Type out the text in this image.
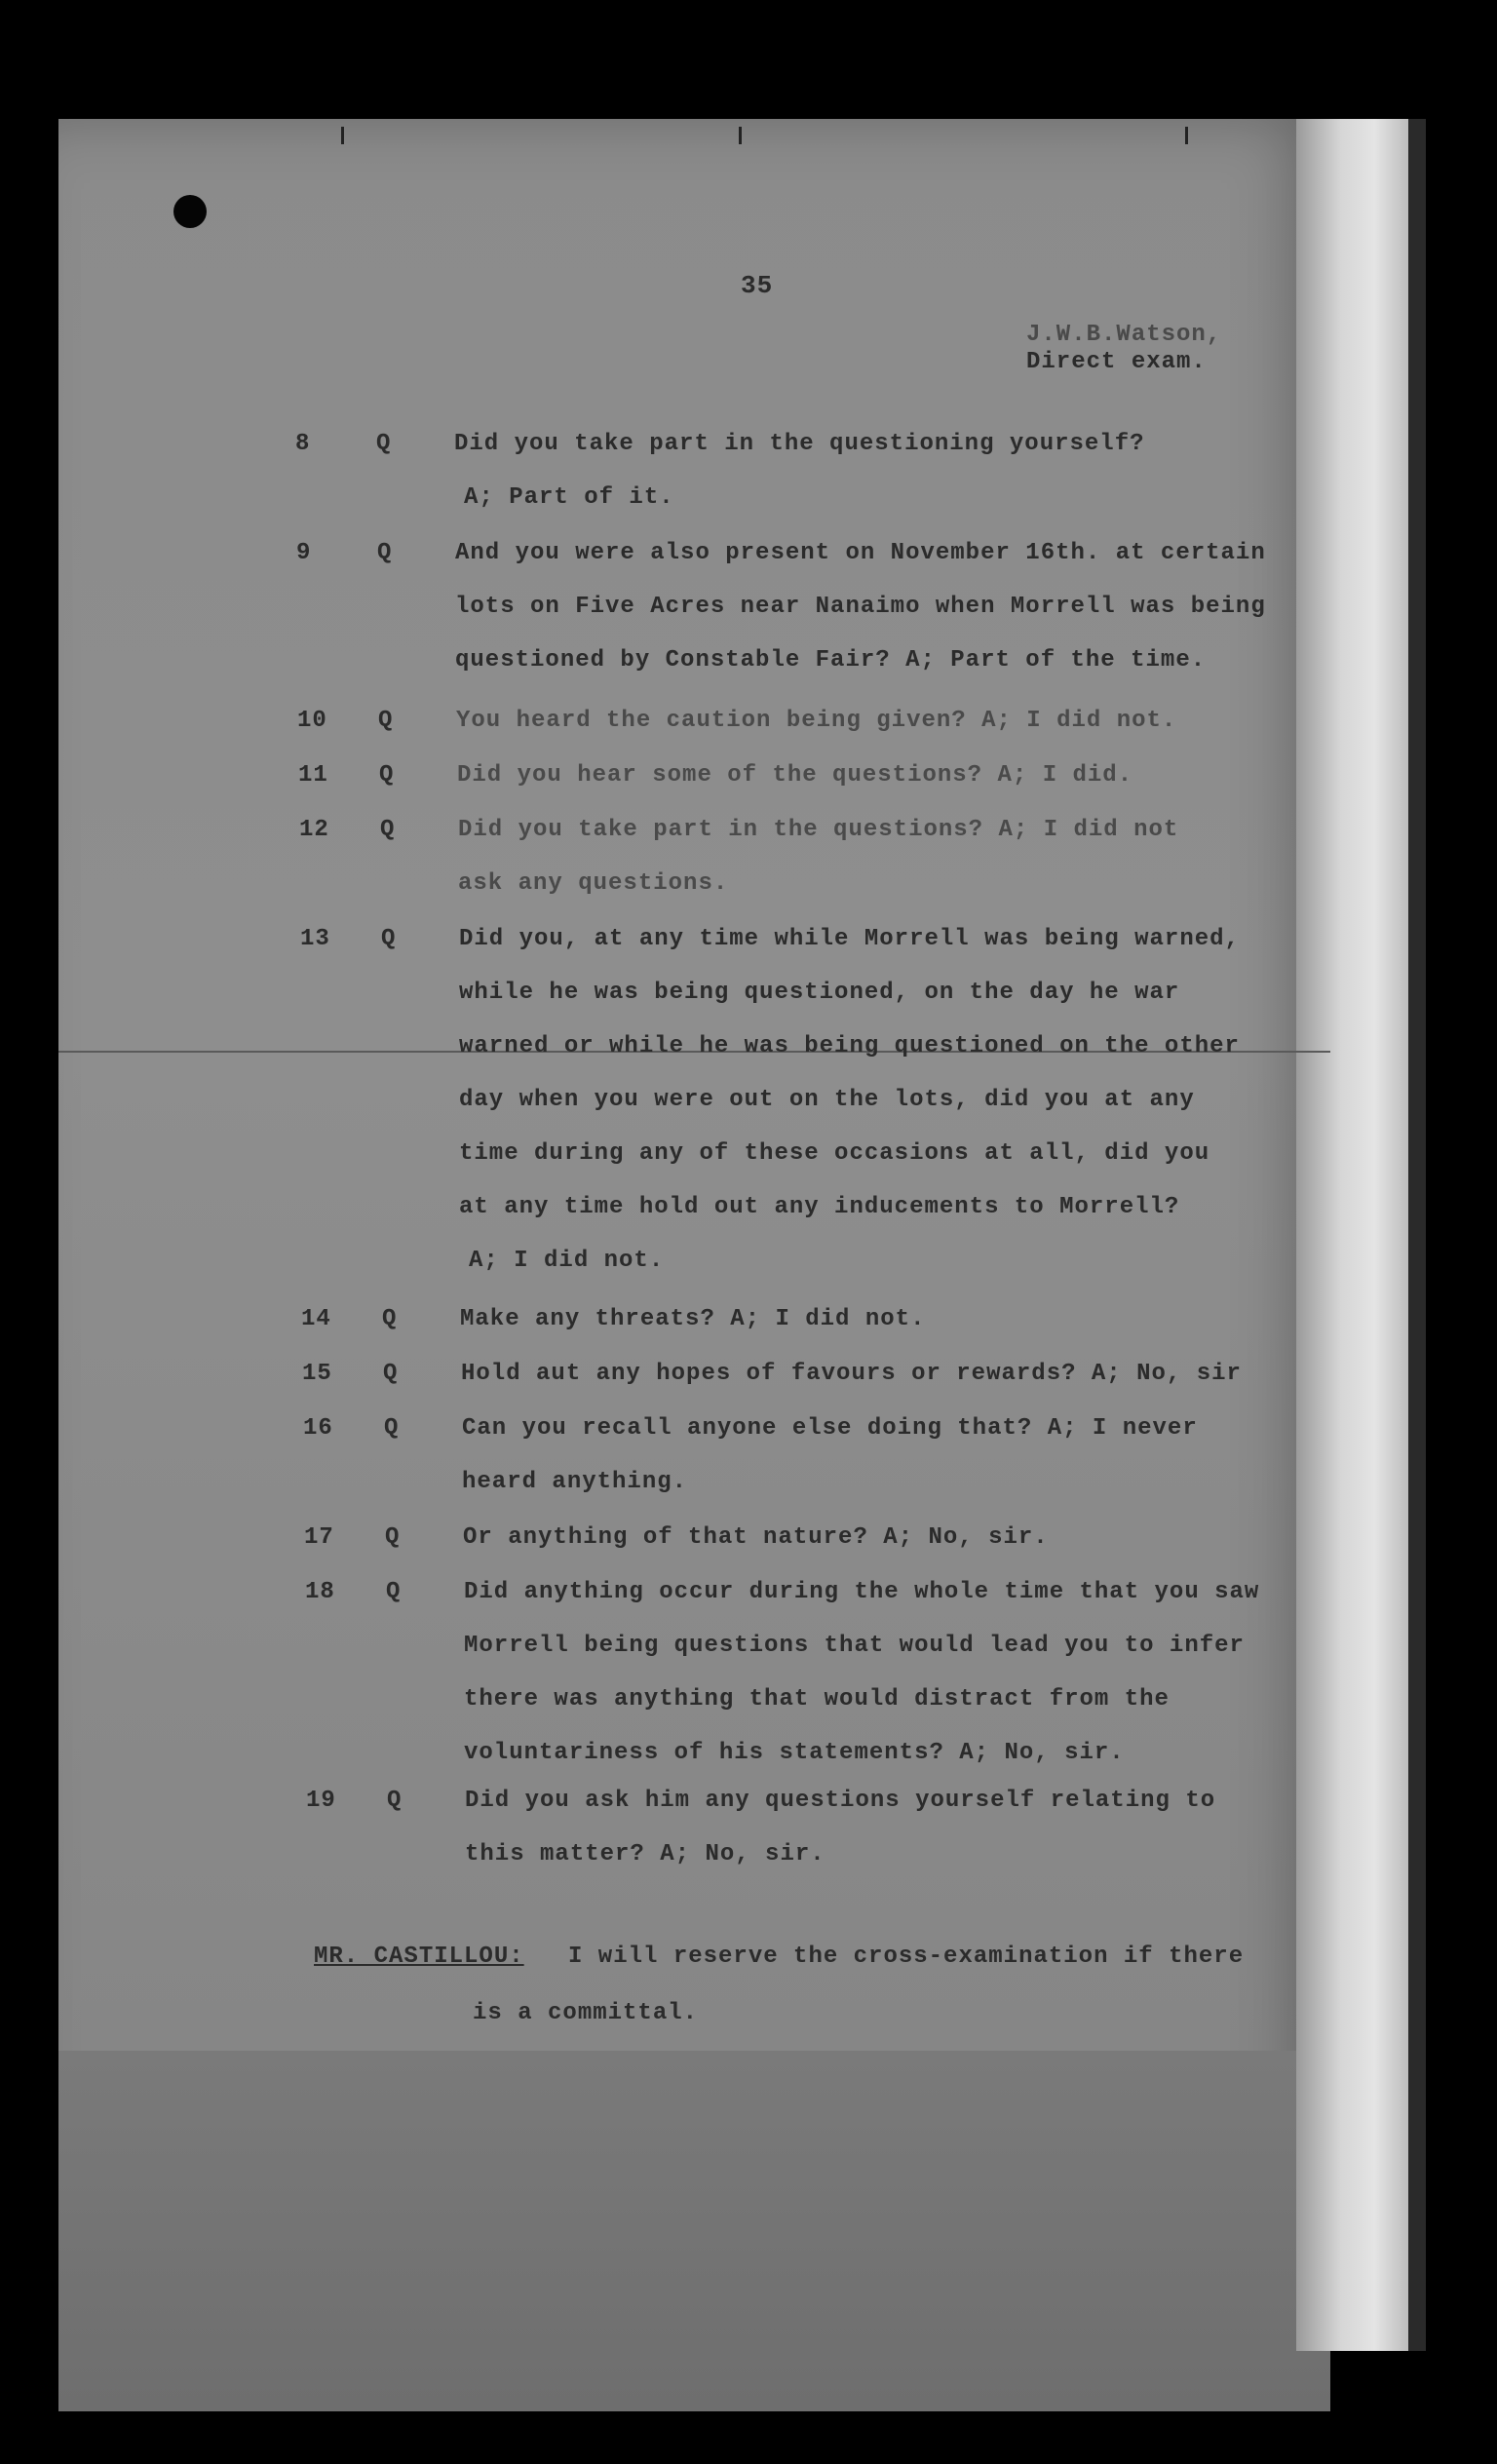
35
J.W.B.Watson,
Direct exam.
8	Q	Did you take part in the questioning yourself?
A; Part of it.
9	Q	And you were also present on November 16th. at certain
lots on Five Acres near Nanaimo when Morrell was being
questioned by Constable Fair? A; Part of the time.
10 Q	You heard the caution being given? A; I did not.
11 Q	Did you hear some of the questions? A; I did.
12 Q	Did you take part in the questions? A; I did not
ask any questions.
13 Q	Did you, at any time while Morrell was being warned,
while he was being questioned, on the day he war
warned or while he was being questioned on the other
day when you were out on the lots, did you at any
time during any of these occasions at all, did you
at any time hold out any inducements to Morrell?
A; I did not.
14 Q	Make any threats? A; I did not.
15 Q	Hold aut any hopes of favours or rewards? A; No, sir
16 Q	Can you recall anyone else doing that? A; I never
heard anything.
17 Q	Or anything of that nature? A; No, sir.
18 Q	Did anything occur during the whole time that you saw
Morrell being questions that would lead you to infer
there was anything that would distract from the
voluntariness of his statements? A; No, sir.
19 Q	Did you ask him any questions yourself relating to
this matter? A; No, sir.
MR. CASTILLOU: I will reserve the cross-examination if there
is a committal.
